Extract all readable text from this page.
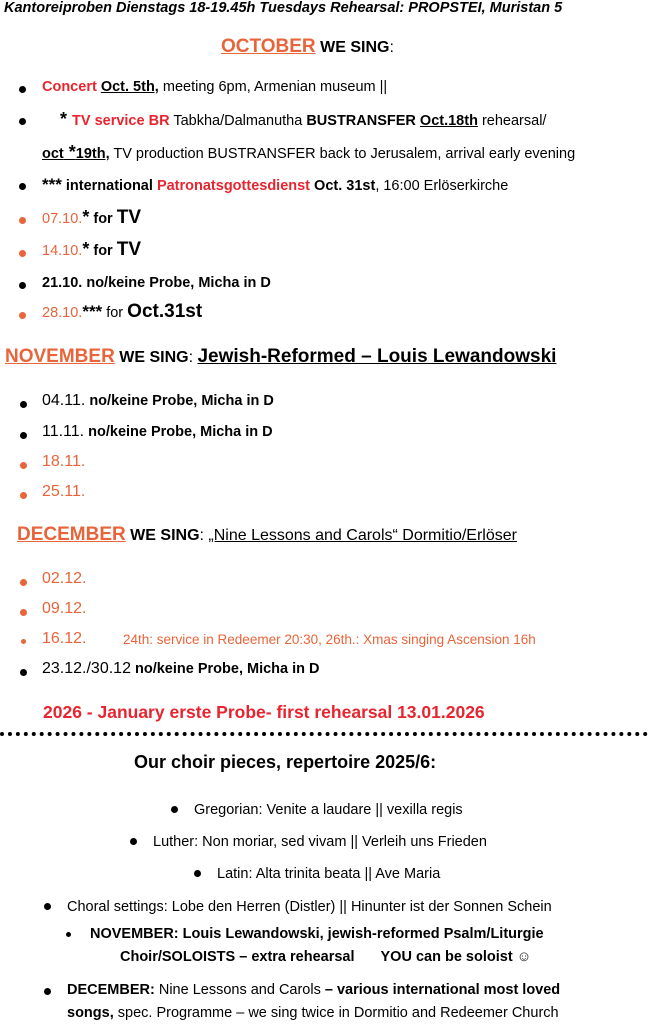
Kantoreiproben Dienstags 18-19.45h Tuesdays Rehearsal: PROPSTEI, Muristan 5
OCTOBER WE SING:
Concert Oct. 5th, meeting 6pm, Armenian museum ||
* TV service BR Tabkha/Dalmanutha BUSTRANSFER Oct.18th rehearsal/
oct *19th, TV production BUSTRANSFER back to Jerusalem, arrival early evening
*** international Patronatsgottesdienst Oct. 31st, 16:00 Erlöserkirche
07.10.* for TV
14.10.* for TV
21.10. no/keine Probe, Micha in D
28.10.*** for Oct.31st
NOVEMBER WE SING: Jewish-Reformed – Louis Lewandowski
04.11. no/keine Probe, Micha in D
11.11. no/keine Probe, Micha in D
18.11.
25.11.
DECEMBER WE SING: „Nine Lessons and Carols“ Dormitio/Erlöser
02.12.
09.12.
16.12.	24th: service in Redeemer 20:30, 26th.: Xmas singing Ascension 16h
23.12./30.12 no/keine Probe, Micha in D
2026 - January erste Probe- first rehearsal 13.01.2026
Our choir pieces, repertoire 2025/6:
Gregorian: Venite a laudare || vexilla regis
Luther: Non moriar, sed vivam || Verleih uns Frieden
Latin: Alta trinita beata || Ave Maria
Choral settings: Lobe den Herren (Distler) || Hinunter ist der Sonnen Schein
NOVEMBER: Louis Lewandowski, jewish-reformed Psalm/Liturgie
Choir/SOLOISTS – extra rehearsal YOU can be soloist ☺
DECEMBER: Nine Lessons and Carols – various international most loved
songs, spec. Programme – we sing twice in Dormitio and Redeemer Church
